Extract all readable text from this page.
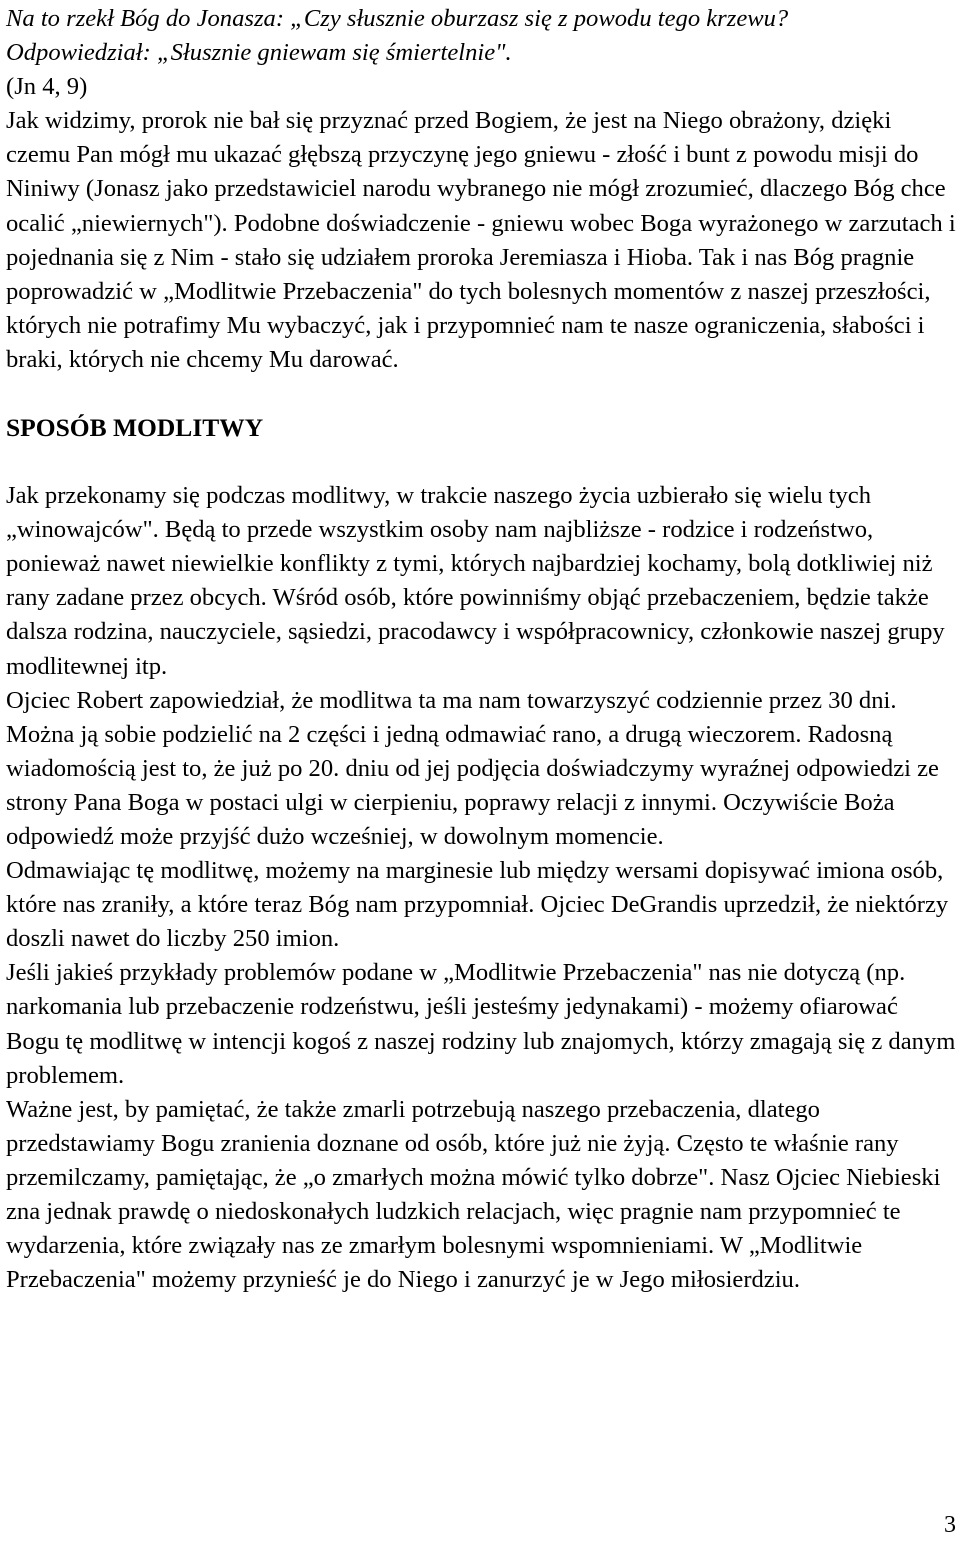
Na to rzekł Bóg do Jonasza: „Czy słusznie oburzasz się z powodu tego krzewu?
Odpowiedział: „Słusznie gniewam się śmiertelnie".
(Jn 4, 9)

Jak widzimy, prorok nie bał się przyznać przed Bogiem, że jest na Niego obrażony, dzięki czemu Pan mógł mu ukazać głębszą przyczynę jego gniewu - złość i bunt z powodu misji do Niniwy (Jonasz jako przedstawiciel narodu wybranego nie mógł zrozumieć, dlaczego Bóg chce ocalić „niewiernych"). Podobne doświadczenie - gniewu wobec Boga wyrażonego w zarzutach i pojednania się z Nim - stało się udziałem proroka Jeremiasza i Hioba. Tak i nas Bóg pragnie poprowadzić w „Modlitwie Przebaczenia" do tych bolesnych momentów z naszej przeszłości, których nie potrafimy Mu wybaczyć, jak i przypomnieć nam te nasze ograniczenia, słabości i braki, których nie chcemy Mu darować.

SPOSÓB MODLITWY

Jak przekonamy się podczas modlitwy, w trakcie naszego życia uzbierało się wielu tych „winowajców". Będą to przede wszystkim osoby nam najbliższe - rodzice i rodzeństwo, ponieważ nawet niewielkie konflikty z tymi, których najbardziej kochamy, bolą dotkliwiej niż rany zadane przez obcych. Wśród osób, które powinniśmy objąć przebaczeniem, będzie także dalsza rodzina, nauczyciele, sąsiedzi, pracodawcy i współpracownicy, członkowie naszej grupy modlitewnej itp.

Ojciec Robert zapowiedział, że modlitwa ta ma nam towarzyszyć codziennie przez 30 dni. Można ją sobie podzielić na 2 części i jedną odmawiać rano, a drugą wieczorem. Radosną wiadomością jest to, że już po 20. dniu od jej podjęcia doświadczymy wyraźnej odpowiedzi ze strony Pana Boga w postaci ulgi w cierpieniu, poprawy relacji z innymi. Oczywiście Boża odpowiedź może przyjść dużo wcześniej, w dowolnym momencie.

Odmawiając tę modlitwę, możemy na marginesie lub między wersami dopisywać imiona osób, które nas zraniły, a które teraz Bóg nam przypomniał. Ojciec DeGrandis uprzedził, że niektórzy doszli nawet do liczby 250 imion.

Jeśli jakieś przykłady problemów podane w „Modlitwie Przebaczenia" nas nie dotyczą (np. narkomania lub przebaczenie rodzeństwu, jeśli jesteśmy jedynakami) - możemy ofiarować Bogu tę modlitwę w intencji kogoś z naszej rodziny lub znajomych, którzy zmagają się z danym problemem.

Ważne jest, by pamiętać, że także zmarli potrzebują naszego przebaczenia, dlatego przedstawiamy Bogu zranienia doznane od osób, które już nie żyją. Często te właśnie rany przemilczamy, pamiętając, że „o zmarłych można mówić tylko dobrze". Nasz Ojciec Niebieski zna jednak prawdę o niedoskonałych ludzkich relacjach, więc pragnie nam przypomnieć te wydarzenia, które związały nas ze zmarłym bolesnymi wspomnieniami. W „Modlitwie Przebaczenia" możemy przynieść je do Niego i zanurzyć je w Jego miłosierdziu.

3
